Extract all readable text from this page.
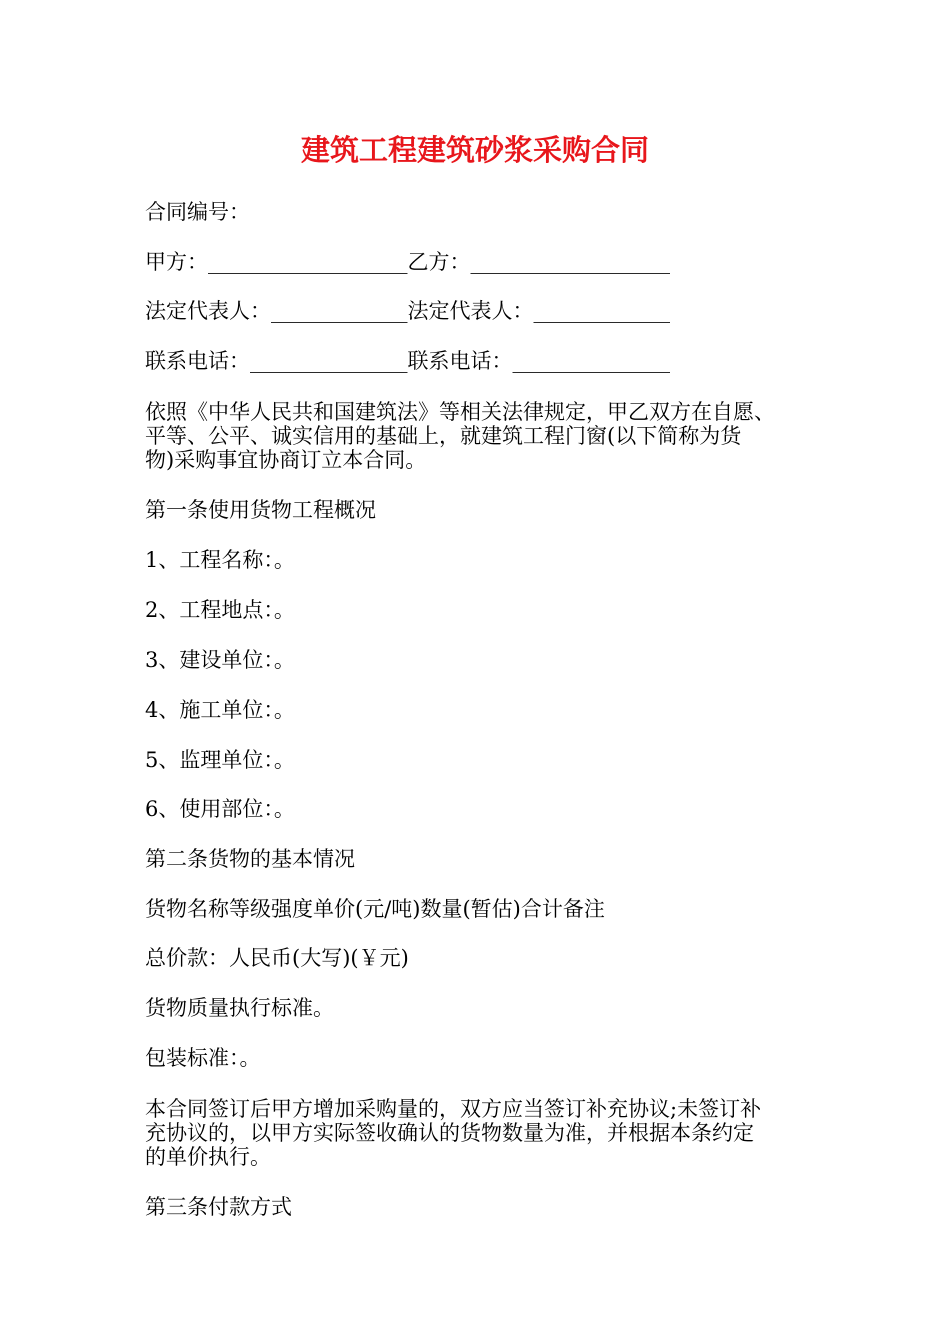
建筑工程建筑砂浆采购合同
合同编号：
甲方：___________________乙方：___________________
法定代表人：_____________法定代表人：_____________
联系电话：_______________联系电话：_______________
依照《中华人民共和国建筑法》等相关法律规定，甲乙双方在自愿、
平等、公平、诚实信用的基础上，就建筑工程门窗(以下简称为货
物)采购事宜协商订立本合同。
第一条使用货物工程概况
1、工程名称：。
2、工程地点：。
3、建设单位：。
4、施工单位：。
5、监理单位：。
6、使用部位：。
第二条货物的基本情况
货物名称等级强度单价(元/吨)数量(暂估)合计备注
总价款：人民币(大写)(￥元)
货物质量执行标准。
包装标准：。
本合同签订后甲方增加采购量的，双方应当签订补充协议;未签订补
充协议的，以甲方实际签收确认的货物数量为准，并根据本条约定
的单价执行。
第三条付款方式
